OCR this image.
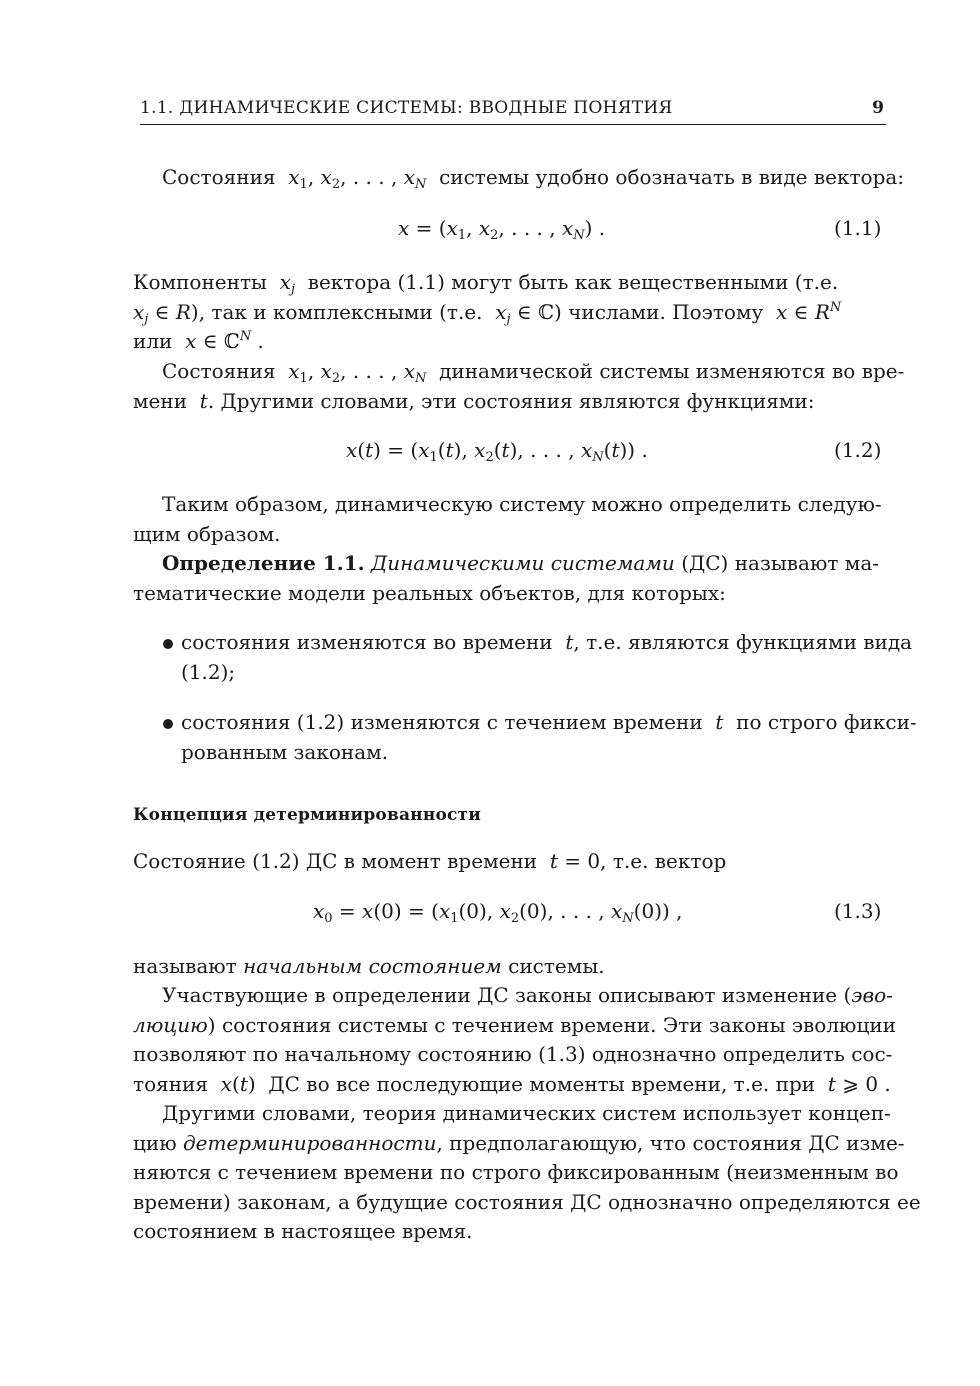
1.1. ДИНАМИЧЕСКИЕ СИСТЕМЫ: ВВОДНЫЕ ПОНЯТИЯ	9
Состояния $x_1$, $x_2$, . . . , $x_N$ системы удобно обозначать в виде вектора:
$x = (x_1$, $x_2$, . . . , $x_N$) .	(1.1)
Компоненты $x_j$ вектора (1.1) могут быть как вещественными (т.е.
$x_j$ ∈ R), так и комплексными (т.е. $x_j$ ∈ ℂ) числами. Поэтому x ∈ $R^N$
или x ∈ ℂ$^N$ .
Состояния $x_1$, $x_2$, . . . , $x_N$ динамической системы изменяются во вре-
мени t. Другими словами, эти состояния являются функциями:
$x(t) = (x_1(t)$, $x_2(t)$, . . . , $x_N(t)$) .	(1.2)
Таким образом, динамическую систему можно определить следую-
щим образом.
Определение 1.1. Динамическими системами (ДС) называют ма-
тематические модели реальных объектов, для которых:
состояния изменяются во времени t, т.е. являются функциями вида
(1.2);
состояния (1.2) изменяются с течением времени t по строго фикси-
рованным законам.
Концепция детерминированности
Состояние (1.2) ДС в момент времени t = 0, т.е. вектор
$x_0 = x(0) = (x_1(0)$, $x_2(0)$, . . . , $x_N(0)$) ,	(1.3)
называют начальным состоянием системы.
Участвующие в определении ДС законы описывают изменение (эво-
люцию) состояния системы с течением времени. Эти законы эволюции
позволяют по начальному состоянию (1.3) однозначно определить сос-
тояния x(t)  ДС во все последующие моменты времени, т.е. при t ⩾ 0 .
Другими словами, теория динамических систем использует концеп-
цию детерминированности, предполагающую, что состояния ДС изме-
няются с течением времени по строго фиксированным (неизменным во
времени) законам, а будущие состояния ДС однозначно определяются ее
состоянием в настоящее время.
